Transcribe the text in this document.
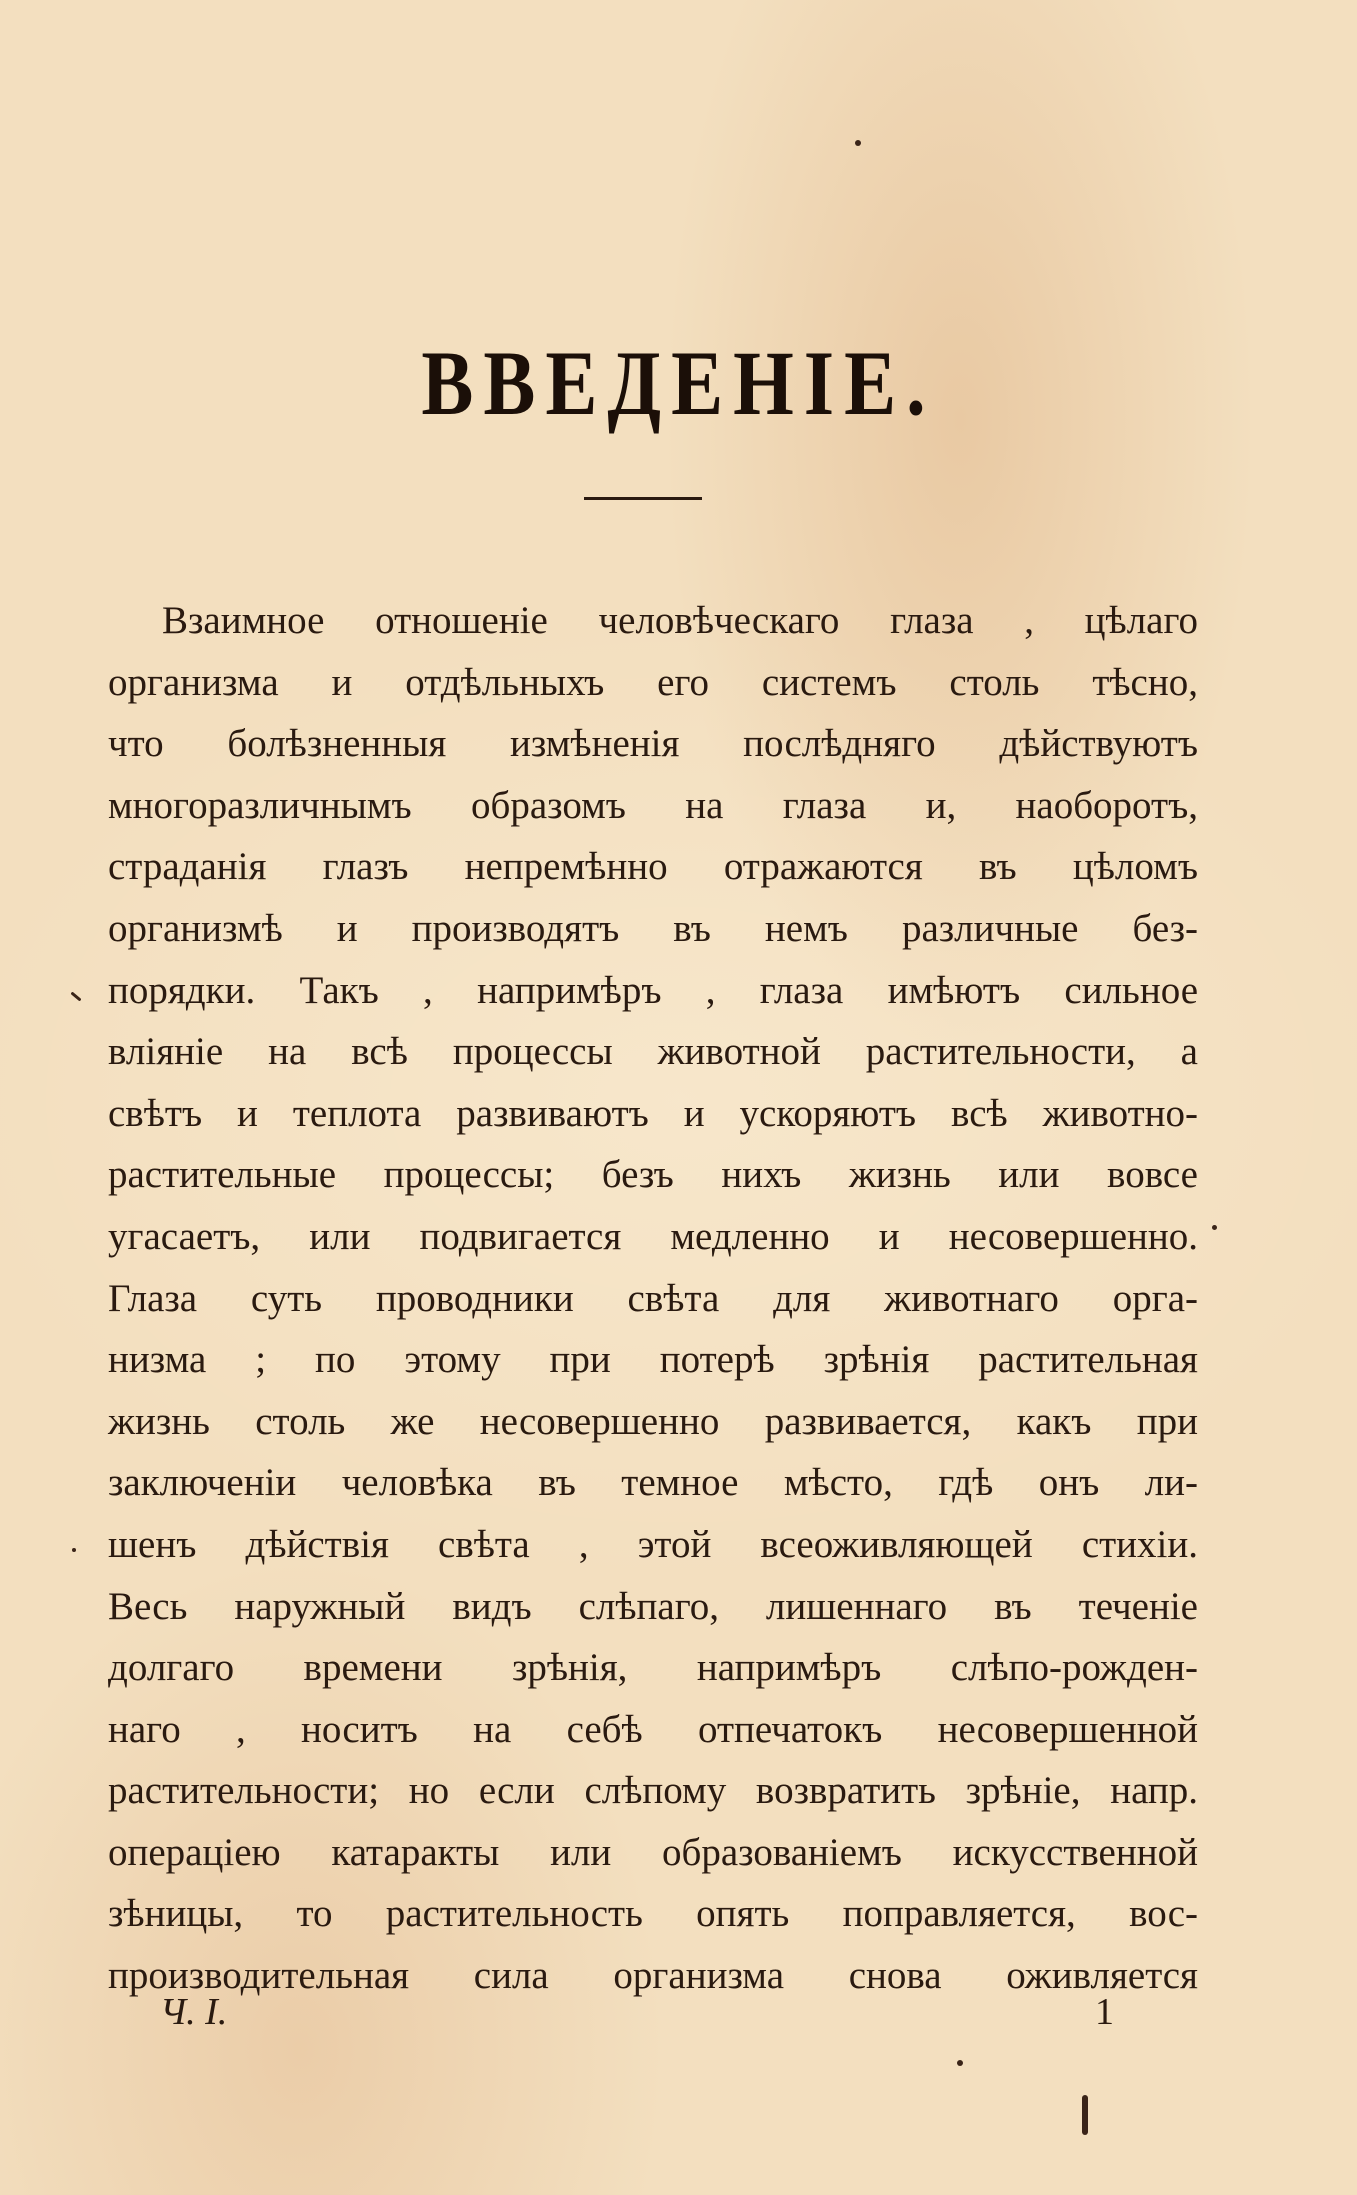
ВВЕДЕНІЕ.
Взаимное отношеніе человѣческаго глаза , цѣлаго
организма и отдѣльныхъ его системъ столь тѣсно,
что болѣзненныя измѣненія послѣдняго дѣйствуютъ
многоразличнымъ образомъ на глаза и, наоборотъ,
страданія глазъ непремѣнно отражаются въ цѣломъ
организмѣ и производятъ въ немъ различные без-
порядки. Такъ , напримѣръ , глаза имѣютъ сильное
вліяніе на всѣ процессы животной растительности, а
свѣтъ и теплота развиваютъ и ускоряютъ всѣ животно-
растительные процессы; безъ нихъ жизнь или вовсе
угасаетъ, или подвигается медленно и несовершенно.
Глаза суть проводники свѣта для животнаго орга-
низма ; по этому при потерѣ зрѣнія растительная
жизнь столь же несовершенно развивается, какъ при
заключеніи человѣка въ темное мѣсто, гдѣ онъ ли-
шенъ дѣйствія свѣта , этой всеоживляющей стихіи.
Весь наружный видъ слѣпаго, лишеннаго въ теченіе
долгаго времени зрѣнія, напримѣръ слѣпо-рожден-
наго , носитъ на себѣ отпечатокъ несовершенной
растительности; но если слѣпому возвратить зрѣніе, напр.
операціею катаракты или образованіемъ искусственной
зѣницы, то растительность опять поправляется, вос-
производительная сила организма снова оживляется
Ч. I.	1
